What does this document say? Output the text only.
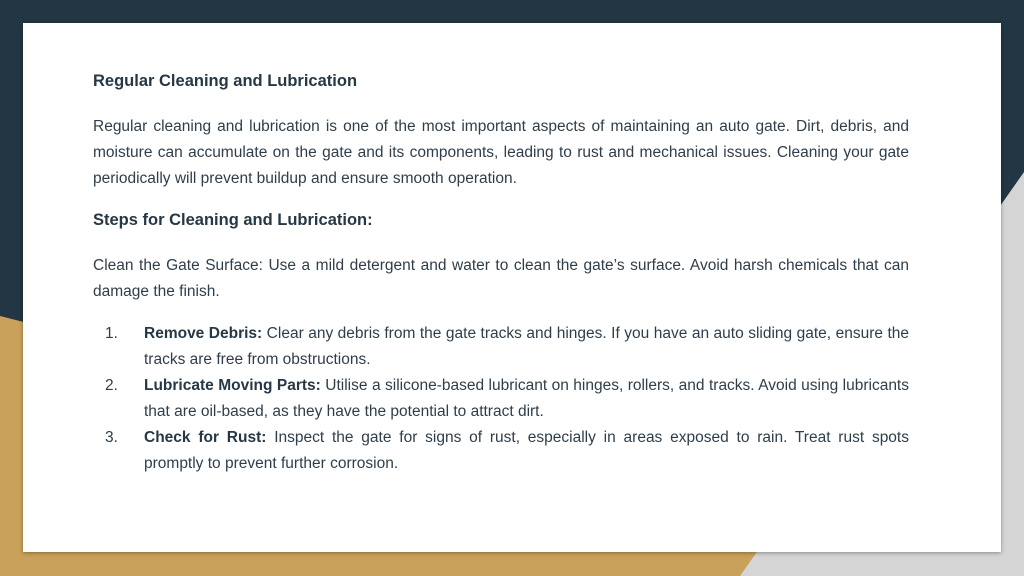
Regular Cleaning and Lubrication

Regular cleaning and lubrication is one of the most important aspects of maintaining an auto gate. Dirt, debris, and moisture can accumulate on the gate and its components, leading to rust and mechanical issues. Cleaning your gate periodically will prevent buildup and ensure smooth operation.

Steps for Cleaning and Lubrication:

Clean the Gate Surface: Use a mild detergent and water to clean the gate’s surface. Avoid harsh chemicals that can damage the finish.

1. Remove Debris: Clear any debris from the gate tracks and hinges. If you have an auto sliding gate, ensure the tracks are free from obstructions.
2. Lubricate Moving Parts: Utilise a silicone-based lubricant on hinges, rollers, and tracks. Avoid using lubricants that are oil-based, as they have the potential to attract dirt.
3. Check for Rust: Inspect the gate for signs of rust, especially in areas exposed to rain. Treat rust spots promptly to prevent further corrosion.
